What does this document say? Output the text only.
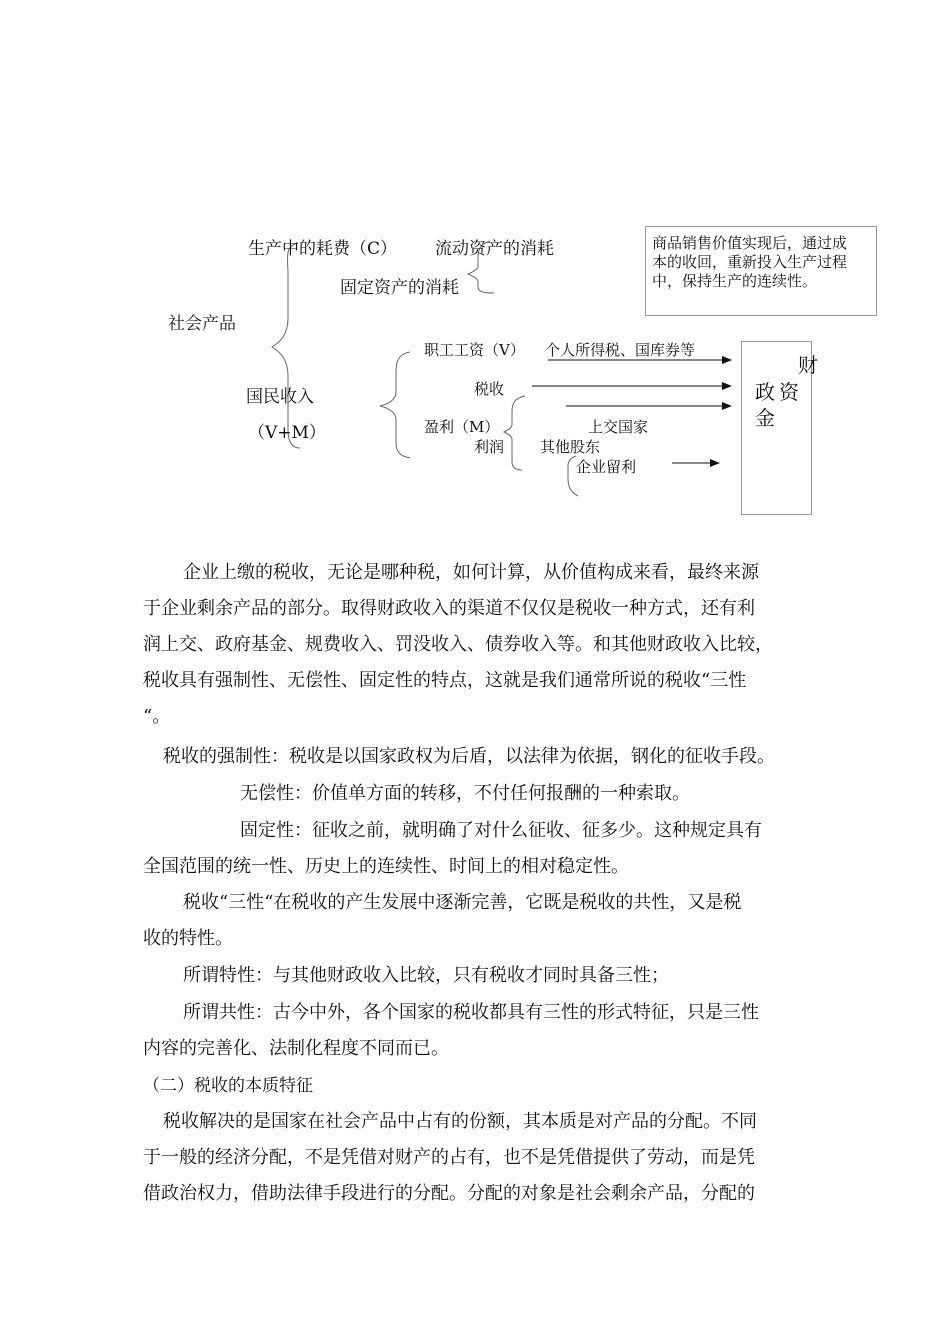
社会产品
生产中的耗费（C） 流动资产的消耗
固定资产的消耗
国民收入
（V+M）
职工工资（V） 个人所得税、国库券等
税收
盈利（M）
利润
上交国家
其他股东
企业留利
商品销售价值实现后，通过成
本的收回，重新投入生产过程
中，保持生产的连续性。
财
政 资
金
企业上缴的税收，无论是哪种税，如何计算，从价值构成来看，最终来源
于企业剩余产品的部分。取得财政收入的渠道不仅仅是税收一种方式，还有利
润上交、政府基金、规费收入、罚没收入、债券收入等。和其他财政收入比较，
税收具有强制性、无偿性、固定性的特点，这就是我们通常所说的税收“三性
“。
税收的强制性：税收是以国家政权为后盾，以法律为依据，钢化的征收手段。
无偿性：价值单方面的转移，不付任何报酬的一种索取。
固定性：征收之前，就明确了对什么征收、征多少。这种规定具有
全国范围的统一性、历史上的连续性、时间上的相对稳定性。
税收“三性“在税收的产生发展中逐渐完善，它既是税收的共性，又是税
收的特性。
所谓特性：与其他财政收入比较，只有税收才同时具备三性；
所谓共性：古今中外，各个国家的税收都具有三性的形式特征，只是三性
内容的完善化、法制化程度不同而已。
（二）税收的本质特征
税收解决的是国家在社会产品中占有的份额，其本质是对产品的分配。不同
于一般的经济分配，不是凭借对财产的占有，也不是凭借提供了劳动，而是凭
借政治权力，借助法律手段进行的分配。分配的对象是社会剩余产品，分配的
